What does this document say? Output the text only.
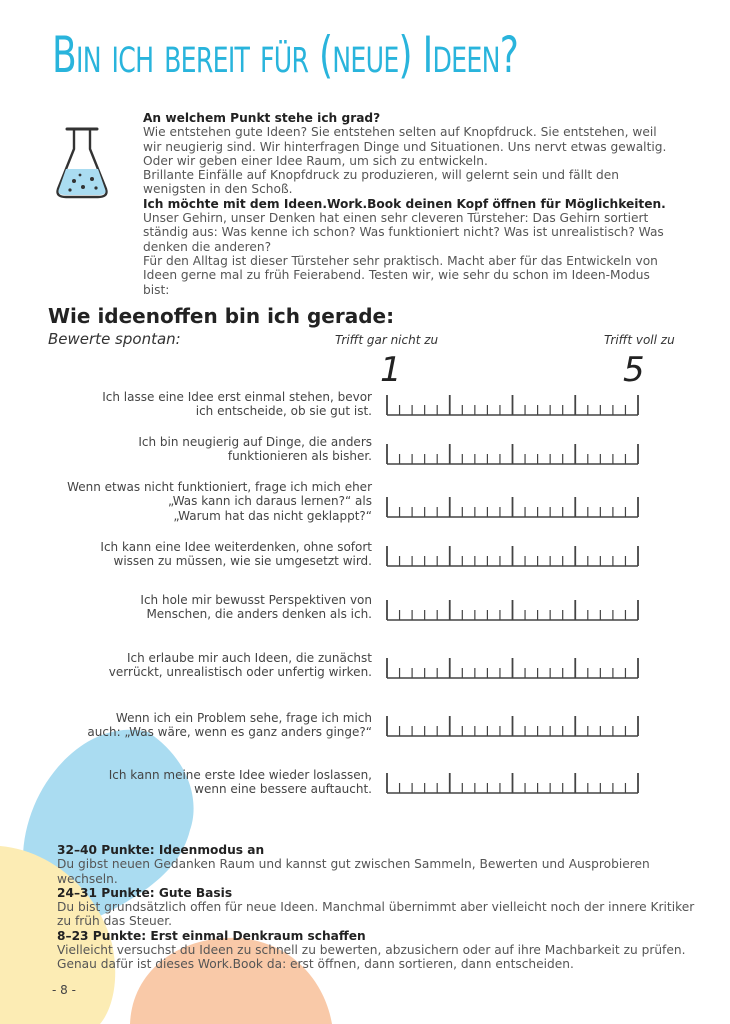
Bin ich bereit für (neue) Ideen?

An welchem Punkt stehe ich grad?

Wie entstehen gute Ideen? Sie entstehen selten auf Knopfdruck. Sie entstehen, weil wir neugierig sind. Wir hinterfragen Dinge und Situationen. Uns nervt etwas gewaltig. Oder wir geben einer Idee Raum, um sich zu entwickeln.

Brillante Einfälle auf Knopfdruck zu produzieren, will gelernt sein und fällt den wenigsten in den Schoß.

Ich möchte mit dem Ideen.Work.Book deinen Kopf öffnen für Möglichkeiten.

Unser Gehirn, unser Denken hat einen sehr cleveren Türsteher: Das Gehirn sortiert ständig aus: Was kenne ich schon? Was funktioniert nicht? Was ist unrealistisch? Was denken die anderen?

Für den Alltag ist dieser Türsteher sehr praktisch. Macht aber für das Entwickeln von Ideen gerne mal zu früh Feierabend. Testen wir, wie sehr du schon im Ideen-Modus bist:

Wie ideenoffen bin ich gerade:
Bewerte spontan:	Trifft gar nicht zu	Trifft voll zu
1	5
Ich lasse eine Idee erst einmal stehen, bevor
ich entscheide, ob sie gut ist.
Ich bin neugierig auf Dinge, die anders
funktionieren als bisher.
Wenn etwas nicht funktioniert, frage ich mich eher
„Was kann ich daraus lernen?“ als
„Warum hat das nicht geklappt?“
Ich kann eine Idee weiterdenken, ohne sofort
wissen zu müssen, wie sie umgesetzt wird.
Ich hole mir bewusst Perspektiven von
Menschen, die anders denken als ich.
Ich erlaube mir auch Ideen, die zunächst
verrückt, unrealistisch oder unfertig wirken.
Wenn ich ein Problem sehe, frage ich mich
auch: „Was wäre, wenn es ganz anders ginge?“
Ich kann meine erste Idee wieder loslassen,
wenn eine bessere auftaucht.

32–40 Punkte: Ideenmodus an

Du gibst neuen Gedanken Raum und kannst gut zwischen Sammeln, Bewerten und Ausprobieren wechseln.

24–31 Punkte: Gute Basis

Du bist grundsätzlich offen für neue Ideen. Manchmal übernimmt aber vielleicht noch der innere Kritiker zu früh das Steuer.

8–23 Punkte: Erst einmal Denkraum schaffen

Vielleicht versuchst du Ideen zu schnell zu bewerten, abzusichern oder auf ihre Machbarkeit zu prüfen. Genau dafür ist dieses Work.Book da: erst öffnen, dann sortieren, dann entscheiden.

- 8 -
